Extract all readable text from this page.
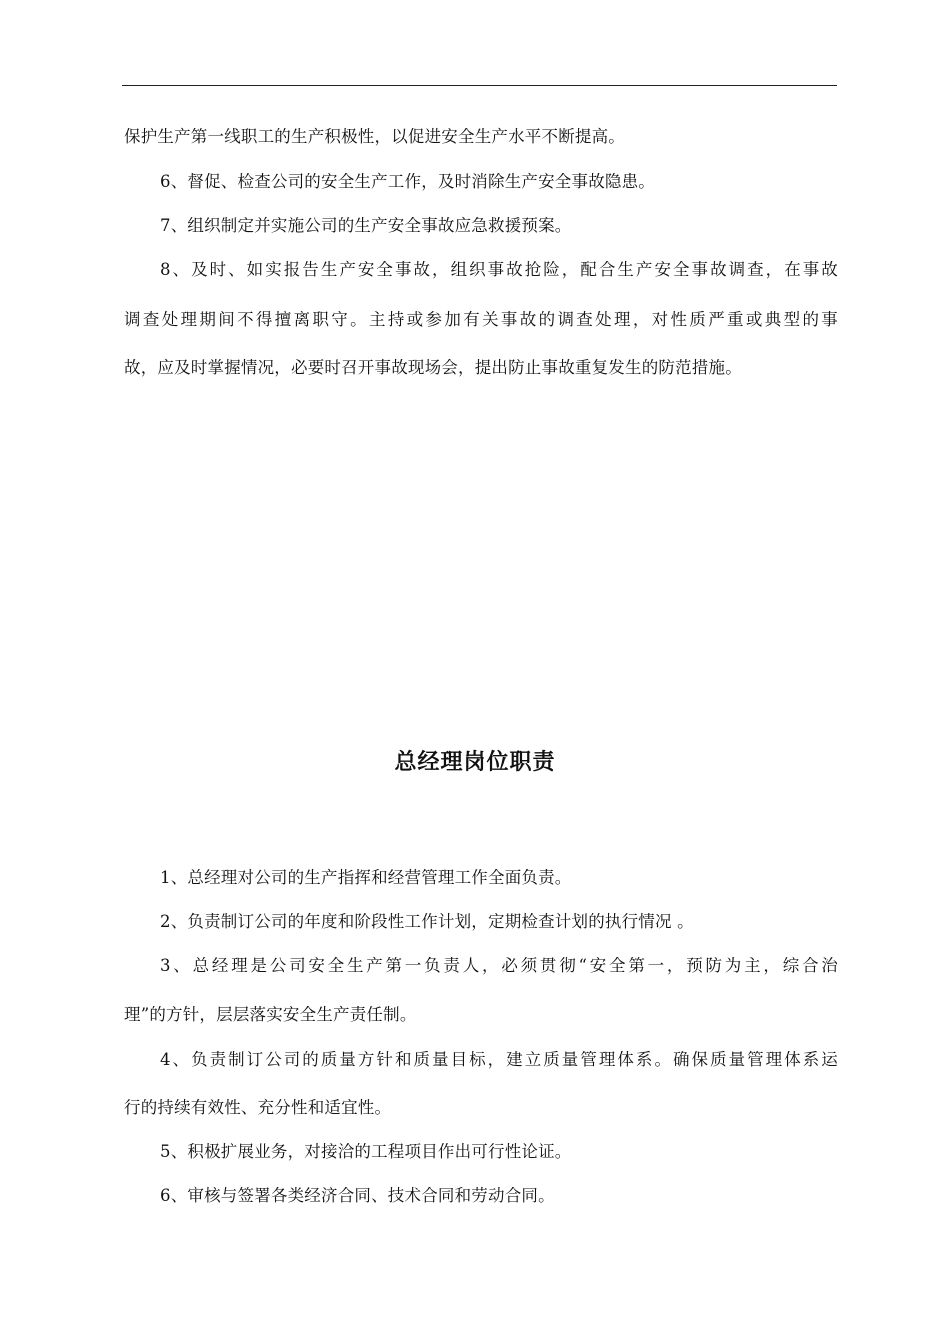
保护生产第一线职工的生产积极性，以促进安全生产水平不断提高。
6、督促、检查公司的安全生产工作，及时消除生产安全事故隐患。
7、组织制定并实施公司的生产安全事故应急救援预案。
8、及时、如实报告生产安全事故，组织事故抢险，配合生产安全事故调查，在事故
调查处理期间不得擅离职守。主持或参加有关事故的调查处理，对性质严重或典型的事
故，应及时掌握情况，必要时召开事故现场会，提出防止事故重复发生的防范措施。
总经理岗位职责
1、总经理对公司的生产指挥和经营管理工作全面负责。
2、负责制订公司的年度和阶段性工作计划，定期检查计划的执行情况 。
3、总经理是公司安全生产第一负责人，必须贯彻“安全第一，预防为主，综合治
理”的方针，层层落实安全生产责任制。
4、负责制订公司的质量方针和质量目标，建立质量管理体系。确保质量管理体系运
行的持续有效性、充分性和适宜性。
5、积极扩展业务，对接洽的工程项目作出可行性论证。
6、审核与签署各类经济合同、技术合同和劳动合同。
